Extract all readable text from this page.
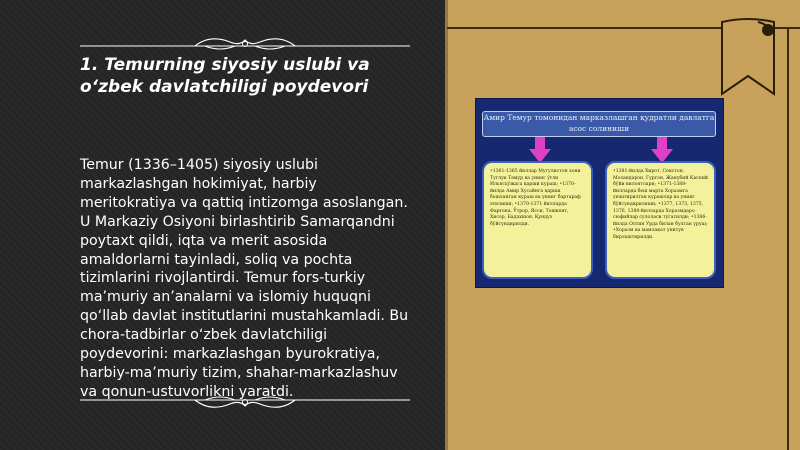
1. Temurning siyosiy uslubi va o‘zbek davlatchiligi poydevori
Temur (1336–1405) siyosiy uslubi markazlashgan hokimiyat, harbiy meritokratiya va qattiq intizomga asoslangan. U Markaziy Osiyoni birlashtirib Samarqandni poytaxt qildi, iqta va merit asosida amaldorlarni tayinladi, soliq va pochta tizimlarini rivojlantirdi. Temur fors-turkiy ma’muriy an’analarni va islomiy huquqni qo‘llab davlat institutlarini mustahkamladi. Bu chora-tadbirlar o‘zbek davlatchiligi poydevorini: markazlashgan byurokratiya, harbiy-ma’muriy tizim, shahar-markazlashuv va qonun-ustuvorlikni yaratdi.
Амир Темур томонидан марказлашган қудратли давлатга асос солиниши
•1361-1365 йиллар Мугулистон хони Туглук Темур ва унинг ўғли Ильясхўжага қарши кураш; •1370-йилда Амир Хусайнга қарши бошланган кураш ва унинг бартараф этилиши; •1370-1371 йилларда Фарғона, Ўтрор, Ясси, Тошкент, Хисор, Бадахшон, Қундуз бўйсундирилди.
•1381-йилда Хирот, Сеистон, Мозандарон, Гургон, Жанубий Каспий бўйи вилоятлари; •1371-1388-йилларда беш марта Хоразмга уюштирилган курашлар ва унинг бўйсундирилиши; •1377, 1373, 1375, 1376, 1380-йилларда Хоразмдаро сюфийлар сулоласи тугатилди; •1386-йилда Олтин Урда билан булган уруш; •Хоразм ва мамлакат унитув бирлаштирилди.
